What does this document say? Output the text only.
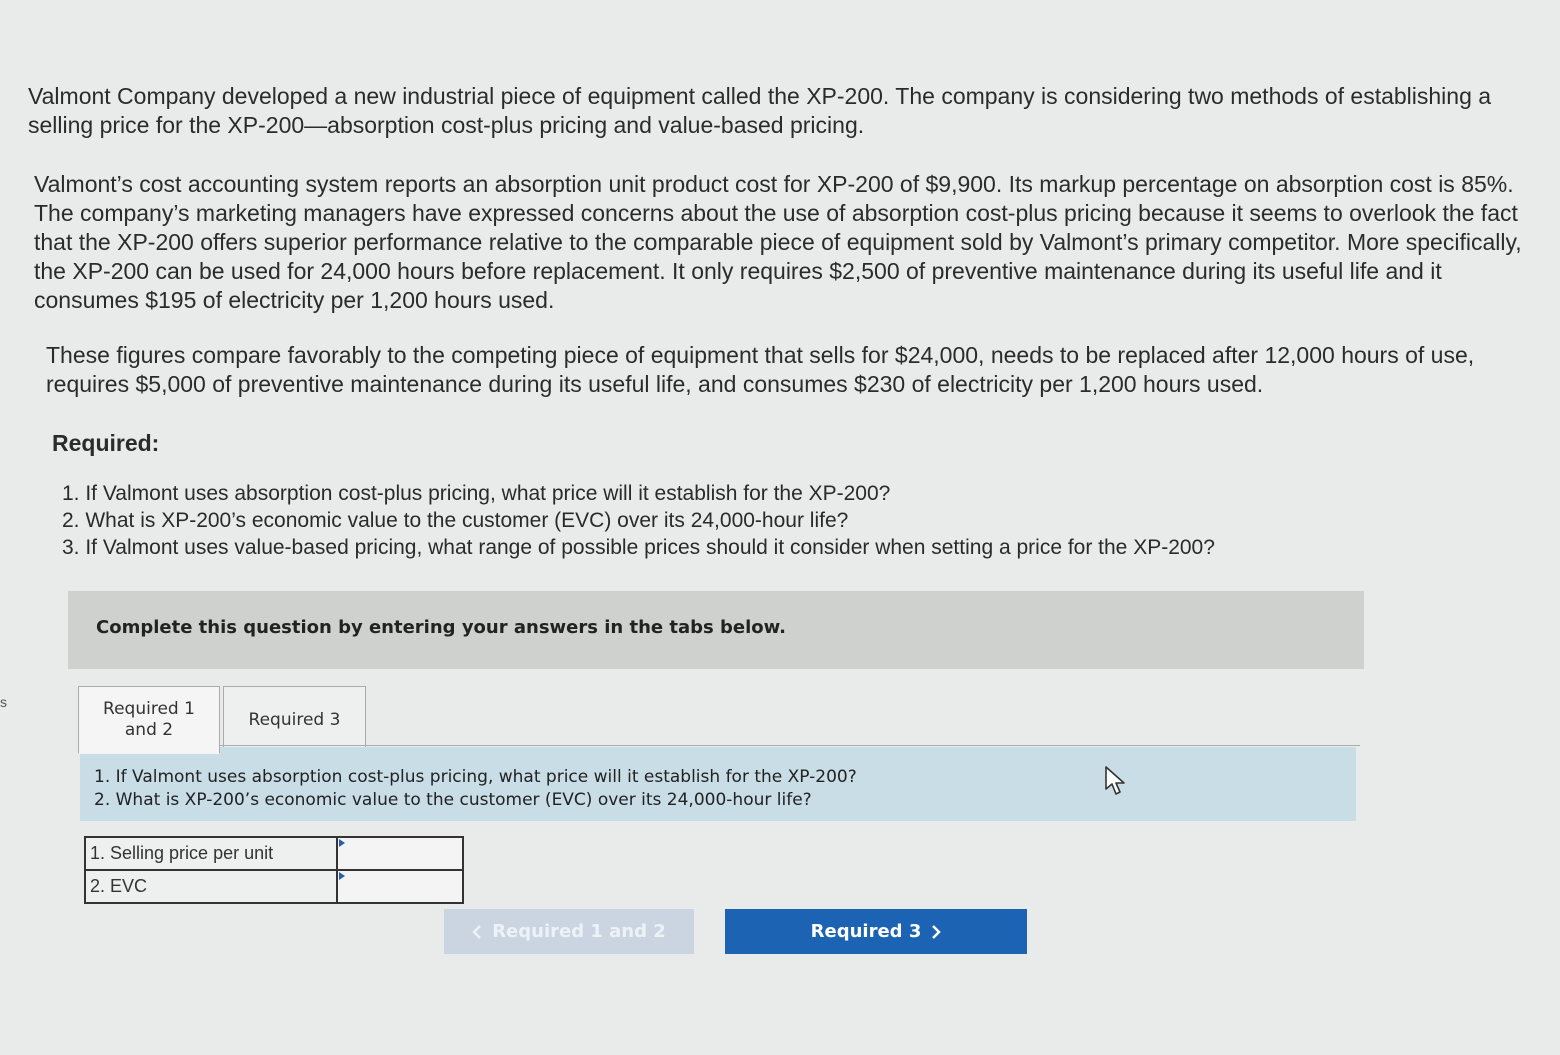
s

Valmont Company developed a new industrial piece of equipment called the XP-200. The company is considering two methods of establishing a selling price for the XP-200—absorption cost-plus pricing and value-based pricing.

Valmont’s cost accounting system reports an absorption unit product cost for XP-200 of $9,900. Its markup percentage on absorption cost is 85%. The company’s marketing managers have expressed concerns about the use of absorption cost-plus pricing because it seems to overlook the fact that the XP-200 offers superior performance relative to the comparable piece of equipment sold by Valmont’s primary competitor. More specifically, the XP-200 can be used for 24,000 hours before replacement. It only requires $2,500 of preventive maintenance during its useful life and it consumes $195 of electricity per 1,200 hours used.

These figures compare favorably to the competing piece of equipment that sells for $24,000, needs to be replaced after 12,000 hours of use, requires $5,000 of preventive maintenance during its useful life, and consumes $230 of electricity per 1,200 hours used.

Required:
1. If Valmont uses absorption cost-plus pricing, what price will it establish for the XP-200?
2. What is XP-200’s economic value to the customer (EVC) over its 24,000-hour life?
3. If Valmont uses value-based pricing, what range of possible prices should it consider when setting a price for the XP-200?
Complete this question by entering your answers in the tabs below.
Required 1
and 2	Required 3
1. If Valmont uses absorption cost-plus pricing, what price will it establish for the XP-200?
2. What is XP-200’s economic value to the customer (EVC) over its 24,000-hour life?
1. Selling price per unit	

2. EVC	
Required 1 and 2	Required 3
